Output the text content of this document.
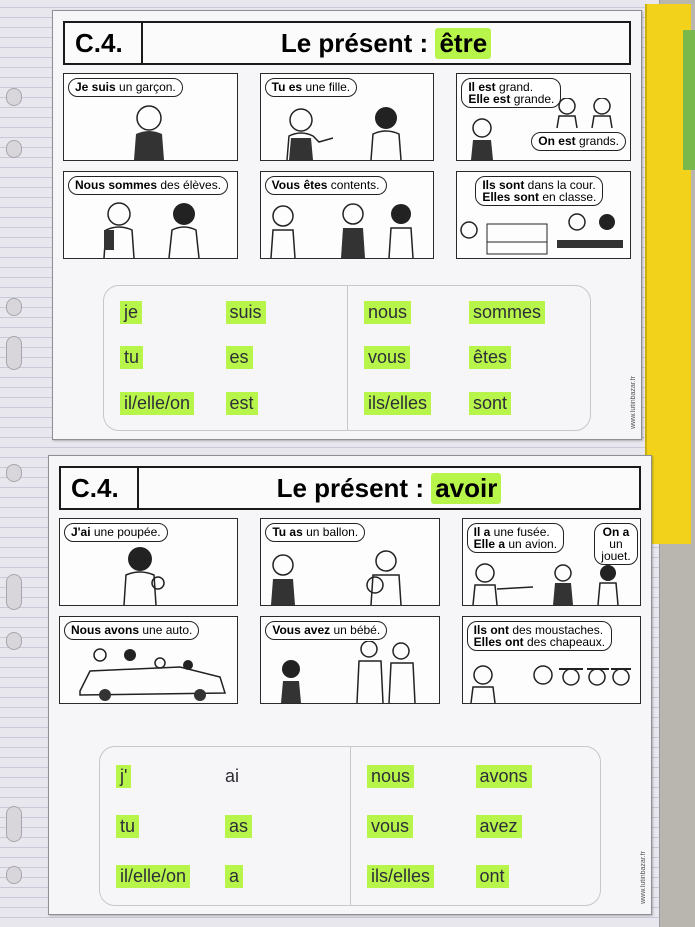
C.4.	Le présent :
être
Je suis un garçon.	Tu es une fille.	Il est grand.
Elle est grande.
On est grands.
Nous sommes des élèves.	Vous êtes contents.	Ils sont dans la cour.
Elles sont en classe.
je	suis
tu	es
il/elle/on est
nous	sommes
vous	êtes
ils/elles	sont	www.lutinbazar.fr
C.4.	Le présent :
avoir
J'ai une poupée.	Tu as un ballon.	Il a une fusée.
Elle a un avion.
On a un jouet.
Nous avons une auto.	Vous avez un bébé.	Ils ont des moustaches.
Elles ont des chapeaux.
j'	ai
tu	as
il/elle/on a
nous	avons
vous	avez
ils/elles	ont	www.lutinbazar.fr
